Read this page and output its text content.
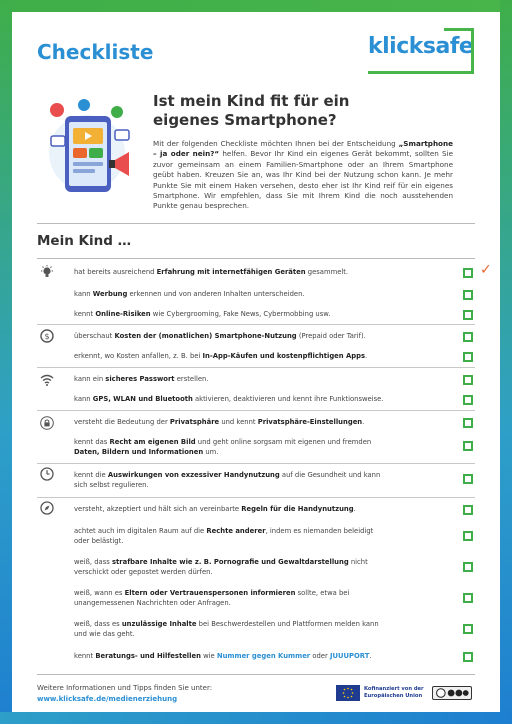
Checkliste	klicksafe
Ist mein Kind fit für ein
eigenes Smartphone?
Mit der folgenden Checkliste möchten Ihnen bei der Entscheidung „Smartphone – ja oder nein?“ helfen. Bevor Ihr Kind ein eigenes Gerät bekommt, sollten Sie zuvor gemeinsam an einem Familien-Smartphone oder an Ihrem Smartphone geübt haben. Kreuzen Sie an, was Ihr Kind bei der Nutzung schon kann. Je mehr Punkte Sie mit einem Haken versehen, desto eher ist Ihr Kind reif für ein eigenes Smartphone. Wir empfehlen, dass Sie mit Ihrem Kind die noch ausstehenden Punkte genau besprechen.
Mein Kind …
$
hat bereits ausreichend Erfahrung mit internetfähigen Geräten gesammelt.	✓
kann Werbung erkennen und von anderen Inhalten unterscheiden.
kennt Online-Risiken wie Cybergrooming, Fake News, Cybermobbing usw.
überschaut Kosten der (monatlichen) Smartphone-Nutzung (Prepaid oder Tarif).
erkennt, wo Kosten anfallen, z. B. bei In-App-Käufen und kostenpflichtigen Apps.
kann ein sicheres Passwort erstellen.
kann GPS, WLAN und Bluetooth aktivieren, deaktivieren und kennt ihre Funktionsweise.
versteht die Bedeutung der Privatsphäre und kennt Privatsphäre-Einstellungen.
kennt das Recht am eigenen Bild und geht online sorgsam mit eigenen und fremden Daten, Bildern und Informationen um.
kennt die Auswirkungen von exzessiver Handynutzung auf die Gesundheit und kann sich selbst regulieren.
versteht, akzeptiert und hält sich an vereinbarte Regeln für die Handynutzung.
achtet auch im digitalen Raum auf die Rechte anderer, indem es niemanden beleidigt oder belästigt.
weiß, dass strafbare Inhalte wie z. B. Pornografie und Gewaltdarstellung nicht verschickt oder gepostet werden dürfen.
weiß, wann es Eltern oder Vertrauenspersonen informieren sollte, etwa bei unangemessenen Nachrichten oder Anfragen.
weiß, dass es unzulässige Inhalte bei Beschwerdestellen und Plattformen melden kann und wie das geht.
kennt Beratungs- und Hilfestellen wie Nummer gegen Kummer oder JUUUPORT.
Weitere Informationen und Tipps finden Sie unter:
www.klicksafe.de/medienerziehung
Kofinanziert von der
Europäischen Union
